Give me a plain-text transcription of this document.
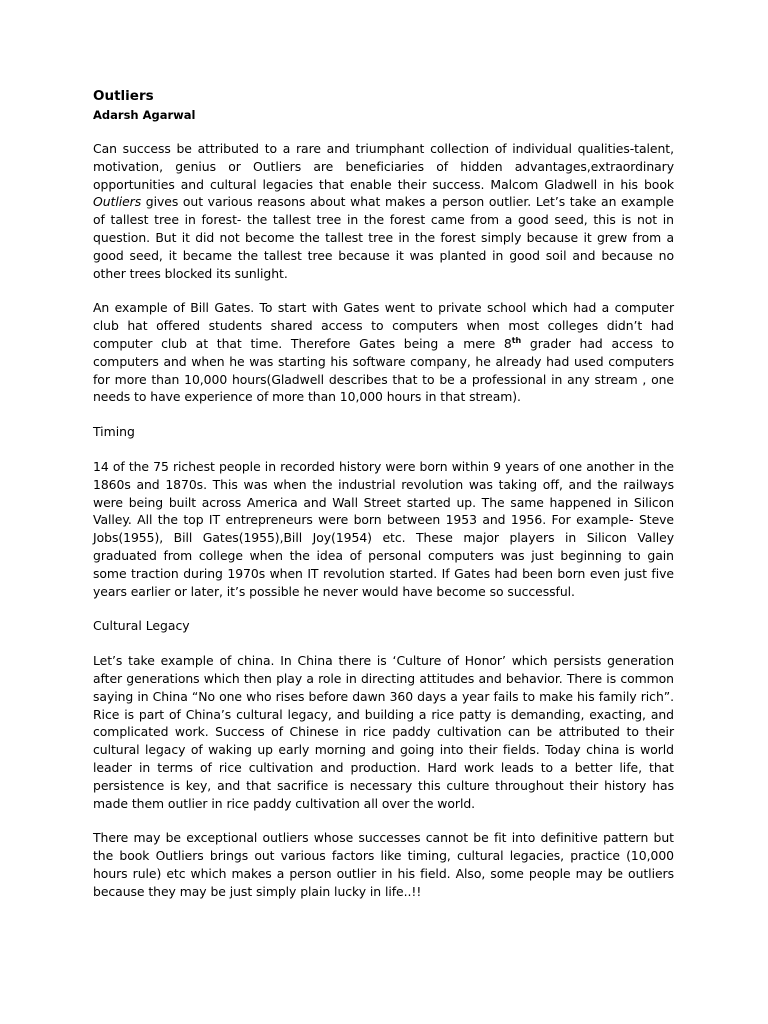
Outliers

Adarsh Agarwal

Can success be attributed to a rare and triumphant collection of individual qualities-talent, motivation, genius or Outliers are beneficiaries of hidden advantages,extraordinary opportunities and cultural legacies that enable their success. Malcom Gladwell in his book Outliers gives out various reasons about what makes a person outlier. Let’s take an example of tallest tree in forest- the tallest tree in the forest came from a good seed, this is not in question. But it did not become the tallest tree in the forest simply because it grew from a good seed, it became the tallest tree because it was planted in good soil and because no other trees blocked its sunlight.

An example of Bill Gates. To start with Gates went to private school which had a computer club hat offered students shared access to computers when most colleges didn’t had computer club at that time. Therefore Gates being a mere 8th grader had access to computers and when he was starting his software company, he already had used computers for more than 10,000 hours(Gladwell describes that to be a professional in any stream , one needs to have experience of more than 10,000 hours in that stream).

Timing

14 of the 75 richest people in recorded history were born within 9 years of one another in the 1860s and 1870s. This was when the industrial revolution was taking off, and the railways were being built across America and Wall Street started up. The same happened in Silicon Valley. All the top IT entrepreneurs were born between 1953 and 1956. For example- Steve Jobs(1955), Bill Gates(1955),Bill Joy(1954) etc. These major players in Silicon Valley graduated from college when the idea of personal computers was just beginning to gain some traction during 1970s when IT revolution started. If Gates had been born even just five years earlier or later, it’s possible he never would have become so successful.

Cultural Legacy

Let’s take example of china. In China there is ‘Culture of Honor’ which persists generation after generations which then play a role in directing attitudes and behavior. There is common saying in China “No one who rises before dawn 360 days a year fails to make his family rich”. Rice is part of China’s cultural legacy, and building a rice patty is demanding, exacting, and complicated work. Success of Chinese in rice paddy cultivation can be attributed to their cultural legacy of waking up early morning and going into their fields. Today china is world leader in terms of rice cultivation and production. Hard work leads to a better life, that persistence is key, and that sacrifice is necessary this culture throughout their history has made them outlier in rice paddy cultivation all over the world.

There may be exceptional outliers whose successes cannot be fit into definitive pattern but the book Outliers brings out various factors like timing, cultural legacies, practice (10,000 hours rule) etc which makes a person outlier in his field. Also, some people may be outliers because they may be just simply plain lucky in life..!!
